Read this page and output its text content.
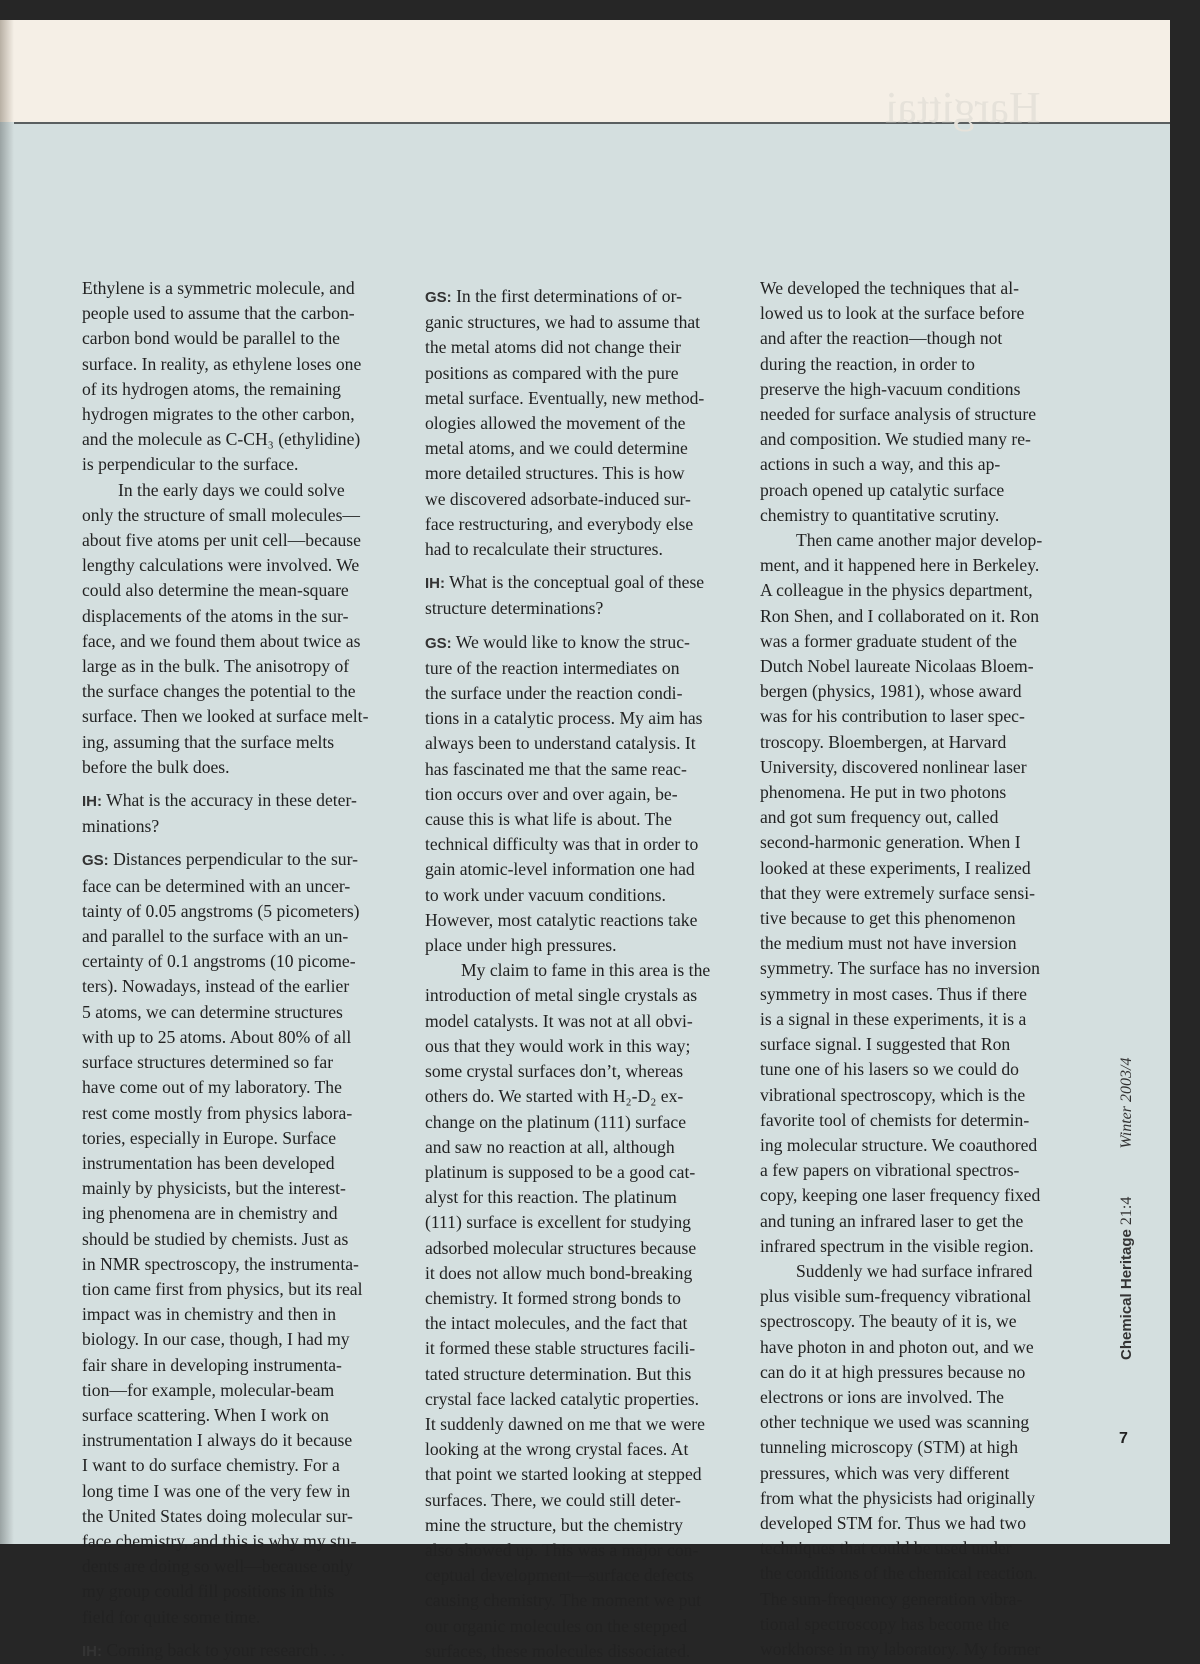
Hargittai
Ethylene is a symmetric molecule, and
people used to assume that the carbon-
carbon bond would be parallel to the
surface. In reality, as ethylene loses one
of its hydrogen atoms, the remaining
hydrogen migrates to the other carbon,
and the molecule as C-CH₃ (ethylidine)
is perpendicular to the surface.
In the early days we could solve
only the structure of small molecules—
about five atoms per unit cell—because
lengthy calculations were involved. We
could also determine the mean-square
displacements of the atoms in the sur-
face, and we found them about twice as
large as in the bulk. The anisotropy of
the surface changes the potential to the
surface. Then we looked at surface melt-
ing, assuming that the surface melts
before the bulk does.
IH: What is the accuracy in these deter-
minations?
GS: Distances perpendicular to the sur-
face can be determined with an uncer-
tainty of 0.05 angstroms (5 picometers)
and parallel to the surface with an un-
certainty of 0.1 angstroms (10 picome-
ters). Nowadays, instead of the earlier
5 atoms, we can determine structures
with up to 25 atoms. About 80% of all
surface structures determined so far
have come out of my laboratory. The
rest come mostly from physics labora-
tories, especially in Europe. Surface
instrumentation has been developed
mainly by physicists, but the interest-
ing phenomena are in chemistry and
should be studied by chemists. Just as
in NMR spectroscopy, the instrumenta-
tion came first from physics, but its real
impact was in chemistry and then in
biology. In our case, though, I had my
fair share in developing instrumenta-
tion—for example, molecular-beam
surface scattering. When I work on
instrumentation I always do it because
I want to do surface chemistry. For a
long time I was one of the very few in
the United States doing molecular sur-
face chemistry, and this is why my stu-
dents are doing so well—because only
my group could fill positions in this
field for quite some time.
IH: Coming back to your research . . .
GS: In the first determinations of or-
ganic structures, we had to assume that
the metal atoms did not change their
positions as compared with the pure
metal surface. Eventually, new method-
ologies allowed the movement of the
metal atoms, and we could determine
more detailed structures. This is how
we discovered adsorbate-induced sur-
face restructuring, and everybody else
had to recalculate their structures.
IH: What is the conceptual goal of these
structure determinations?
GS: We would like to know the struc-
ture of the reaction intermediates on
the surface under the reaction condi-
tions in a catalytic process. My aim has
always been to understand catalysis. It
has fascinated me that the same reac-
tion occurs over and over again, be-
cause this is what life is about. The
technical difficulty was that in order to
gain atomic-level information one had
to work under vacuum conditions.
However, most catalytic reactions take
place under high pressures.
My claim to fame in this area is the
introduction of metal single crystals as
model catalysts. It was not at all obvi-
ous that they would work in this way;
some crystal surfaces don’t, whereas
others do. We started with H₂-D₂ ex-
change on the platinum (111) surface
and saw no reaction at all, although
platinum is supposed to be a good cat-
alyst for this reaction. The platinum
(111) surface is excellent for studying
adsorbed molecular structures because
it does not allow much bond-breaking
chemistry. It formed strong bonds to
the intact molecules, and the fact that
it formed these stable structures facili-
tated structure determination. But this
crystal face lacked catalytic properties.
It suddenly dawned on me that we were
looking at the wrong crystal faces. At
that point we started looking at stepped
surfaces. There, we could still deter-
mine the structure, but the chemistry
also showed up. This was a major con-
ceptual development—surface defects
causing chemistry. The moment we put
our organic molecules on the stepped
surfaces, these molecules dissociated.
We developed the techniques that al-
lowed us to look at the surface before
and after the reaction—though not
during the reaction, in order to
preserve the high-vacuum conditions
needed for surface analysis of structure
and composition. We studied many re-
actions in such a way, and this ap-
proach opened up catalytic surface
chemistry to quantitative scrutiny.
Then came another major develop-
ment, and it happened here in Berkeley.
A colleague in the physics department,
Ron Shen, and I collaborated on it. Ron
was a former graduate student of the
Dutch Nobel laureate Nicolaas Bloem-
bergen (physics, 1981), whose award
was for his contribution to laser spec-
troscopy. Bloembergen, at Harvard
University, discovered nonlinear laser
phenomena. He put in two photons
and got sum frequency out, called
second-harmonic generation. When I
looked at these experiments, I realized
that they were extremely surface sensi-
tive because to get this phenomenon
the medium must not have inversion
symmetry. The surface has no inversion
symmetry in most cases. Thus if there
is a signal in these experiments, it is a
surface signal. I suggested that Ron
tune one of his lasers so we could do
vibrational spectroscopy, which is the
favorite tool of chemists for determin-
ing molecular structure. We coauthored
a few papers on vibrational spectros-
copy, keeping one laser frequency fixed
and tuning an infrared laser to get the
infrared spectrum in the visible region.
Suddenly we had surface infrared
plus visible sum-frequency vibrational
spectroscopy. The beauty of it is, we
have photon in and photon out, and we
can do it at high pressures because no
electrons or ions are involved. The
other technique we used was scanning
tunneling microscopy (STM) at high
pressures, which was very different
from what the physicists had originally
developed STM for. Thus we had two
techniques that could be used under
the conditions of the chemical reaction.
The sum-frequency generation vibra-
tional spectroscopy has become the
workhorse in my laboratory. My former
Chemical Heritage21:4Winter 2003/4
7
